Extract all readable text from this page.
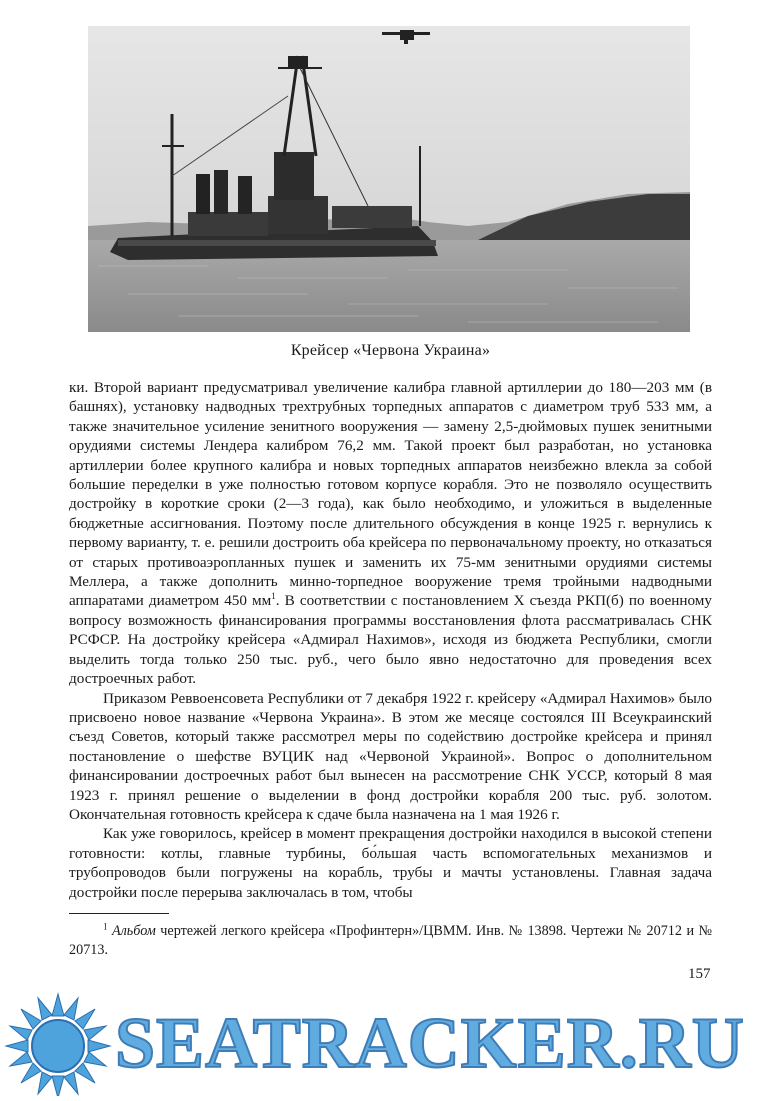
Крейсер «Червона Украина»

ки. Второй вариант предусматривал увеличение калибра главной артиллерии до 180—203 мм (в башнях), установку надводных трехтрубных торпедных аппаратов с диаметром труб 533 мм, а также значительное усиление зенитного вооружения — замену 2,5-дюймовых пушек зенитными орудиями системы Лендера калибром 76,2 мм. Такой проект был разработан, но установка артиллерии более крупного калибра и новых торпедных аппаратов неизбежно влекла за собой большие переделки в уже полностью готовом корпусе корабля. Это не позволяло осуществить достройку в короткие сроки (2—3 года), как было необходимо, и уложиться в выделенные бюджетные ассигнования. Поэтому после длительного обсуждения в конце 1925 г. вернулись к первому варианту, т. е. решили достроить оба крейсера по первоначальному проекту, но отказаться от старых противоаэропланных пушек и заменить их 75-мм зенитными орудиями системы Меллера, а также дополнить минно-торпедное вооружение тремя тройными надводными аппаратами диаметром 450 $мм^1$. В соответствии с постановлением X съезда РКП(б) по военному вопросу возможность финансирования программы восстановления флота рассматривалась СНК РСФСР. На достройку крейсера «Адмирал Нахимов», исходя из бюджета Республики, смогли выделить тогда только 250 тыс. руб., чего было явно недостаточно для проведения всех достроечных работ.

Приказом Реввоенсовета Республики от 7 декабря 1922 г. крейсеру «Адмирал Нахимов» было присвоено новое название «Червона Украина». В этом же месяце состоялся III Всеукраинский съезд Советов, который также рассмотрел меры по содействию достройке крейсера и принял постановление о шефстве ВУЦИК над «Червоной Украиной». Вопрос о дополнительном финансировании достроечных работ был вынесен на рассмотрение СНК УССР, который 8 мая 1923 г. принял решение о выделении в фонд достройки корабля 200 тыс. руб. золотом. Окончательная готовность крейсера к сдаче была назначена на 1 мая 1926 г.

Как уже говорилось, крейсер в момент прекращения достройки находился в высокой степени готовности: котлы, главные турбины, бо́льшая часть вспомогательных механизмов и трубопроводов были погружены на корабль, трубы и мачты установлены. Главная задача достройки после перерыва заключалась в том, чтобы

$^1$ Альбом чертежей легкого крейсера «Профинтерн»/ЦВММ. Инв. № 13898. Чертежи № 20712 и № 20713.

157
SEATRACKER.RU
